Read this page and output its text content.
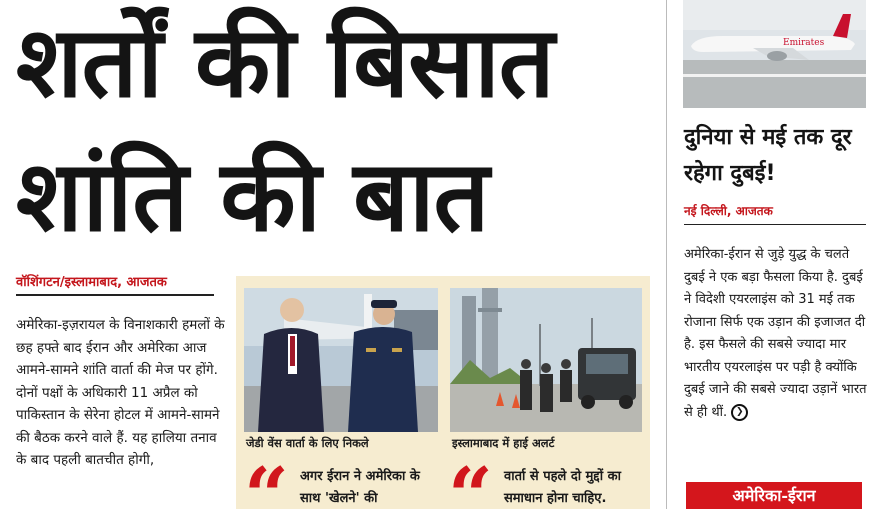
शर्तों की बिसात
शांति की बात
वॉशिंगटन/इस्लामाबाद, आजतक
अमेरिका-इज़रायल के विनाशकारी हमलों के छह हफ्ते बाद ईरान और अमेरिका आज आमने-सामने शांति वार्ता की मेज पर होंगे. दोनों पक्षों के अधिकारी 11 अप्रैल को पाकिस्तान के सेरेना होटल में आमने-सामने की बैठक करने वाले हैं. यह हालिया तनाव के बाद पहली बातचीत होगी,
जेडी वेंस वार्ता के लिए निकले	इस्लामाबाद में हाई अलर्ट
“ अगर ईरान ने अमेरिका के साथ 'खेलने' की “ वार्ता से पहले दो मुद्दों का समाधान होना चाहिए.
Emirates
दुनिया से मई तक दूर रहेगा दुबई!
नई दिल्ली, आजतक
अमेरिका-ईरान से जुड़े युद्ध के चलते दुबई ने एक बड़ा फैसला किया है. दुबई ने विदेशी एयरलाइंस को 31 मई तक रोजाना सिर्फ एक उड़ान की इजाजत दी है. इस फैसले की सबसे ज्यादा मार भारतीय एयरलाइंस पर पड़ी है क्योंकि दुबई जाने की सबसे ज्यादा उड़ानें भारत से ही थीं. ❯
अमेरिका-ईरान
